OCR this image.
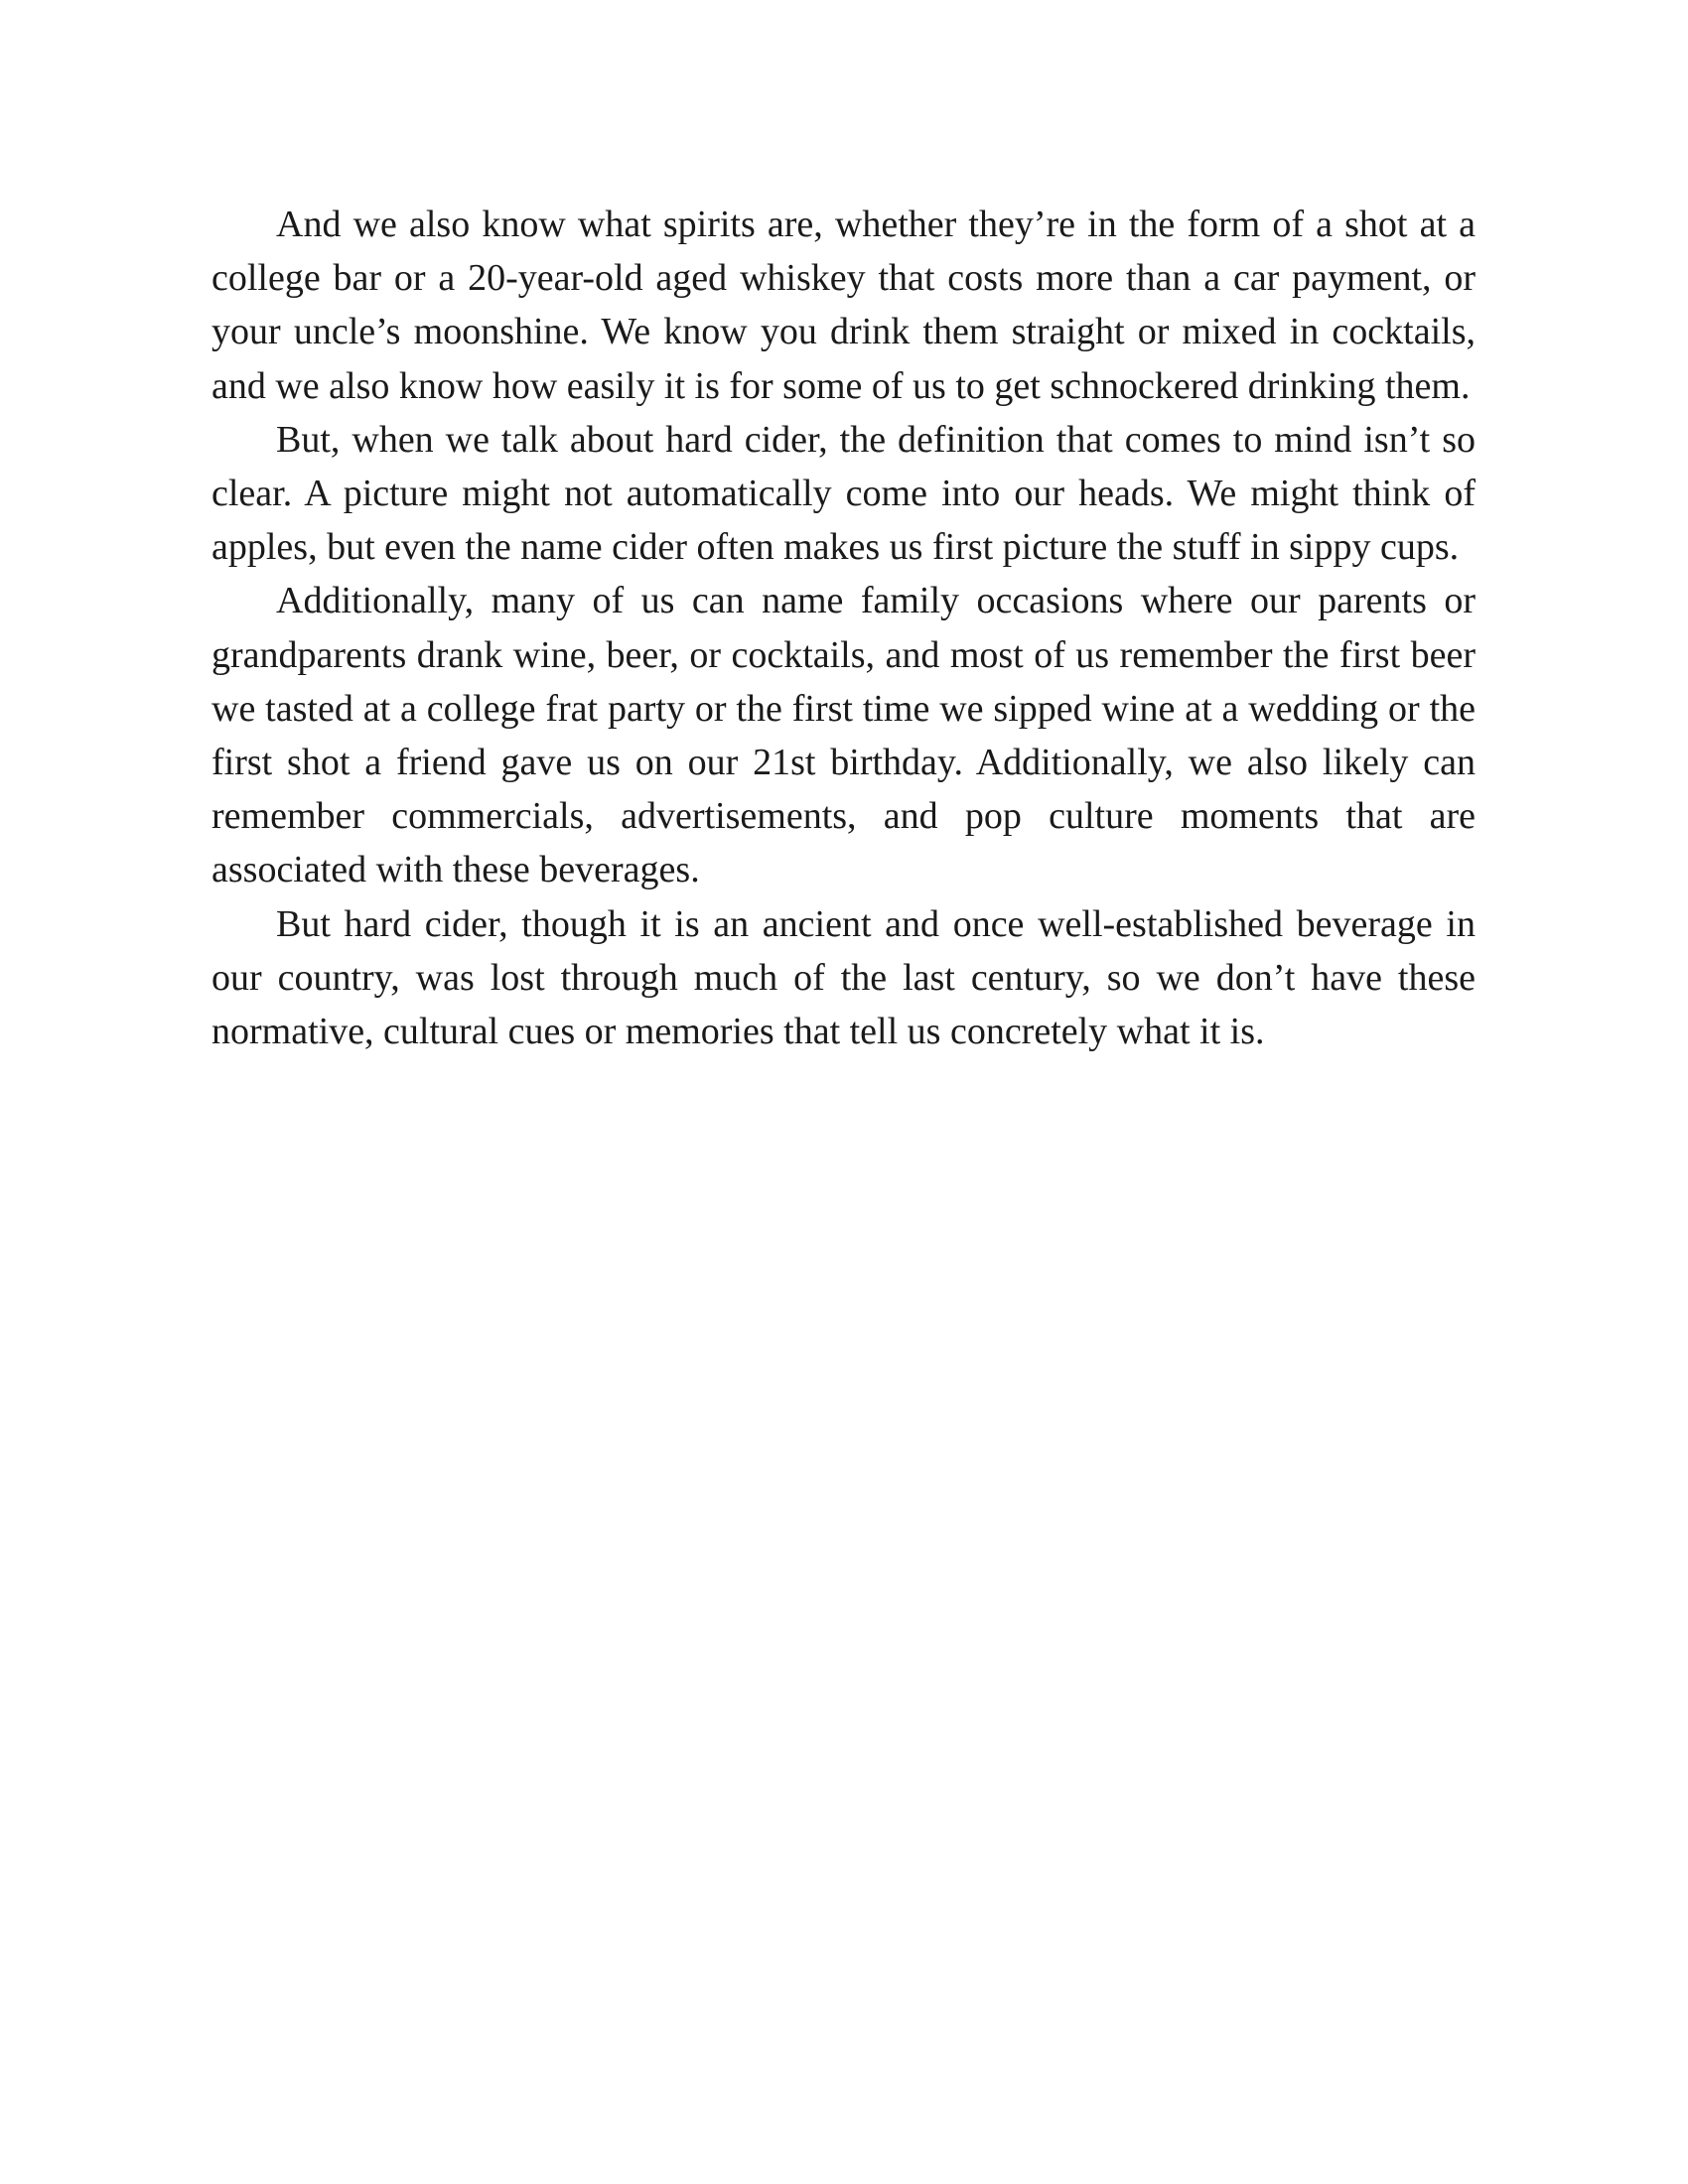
And we also know what spirits are, whether they’re in the form of a shot at a college bar or a 20-year-old aged whiskey that costs more than a car payment, or your uncle’s moonshine. We know you drink them straight or mixed in cocktails, and we also know how easily it is for some of us to get schnockered drinking them.

But, when we talk about hard cider, the definition that comes to mind isn’t so clear. A picture might not automatically come into our heads. We might think of apples, but even the name cider often makes us first picture the stuff in sippy cups.

Additionally, many of us can name family occasions where our parents or grandparents drank wine, beer, or cocktails, and most of us remember the first beer we tasted at a college frat party or the first time we sipped wine at a wedding or the first shot a friend gave us on our 21st birthday. Additionally, we also likely can remember commercials, advertisements, and pop culture moments that are associated with these beverages.

But hard cider, though it is an ancient and once well-established beverage in our country, was lost through much of the last century, so we don’t have these normative, cultural cues or memories that tell us concretely what it is.
